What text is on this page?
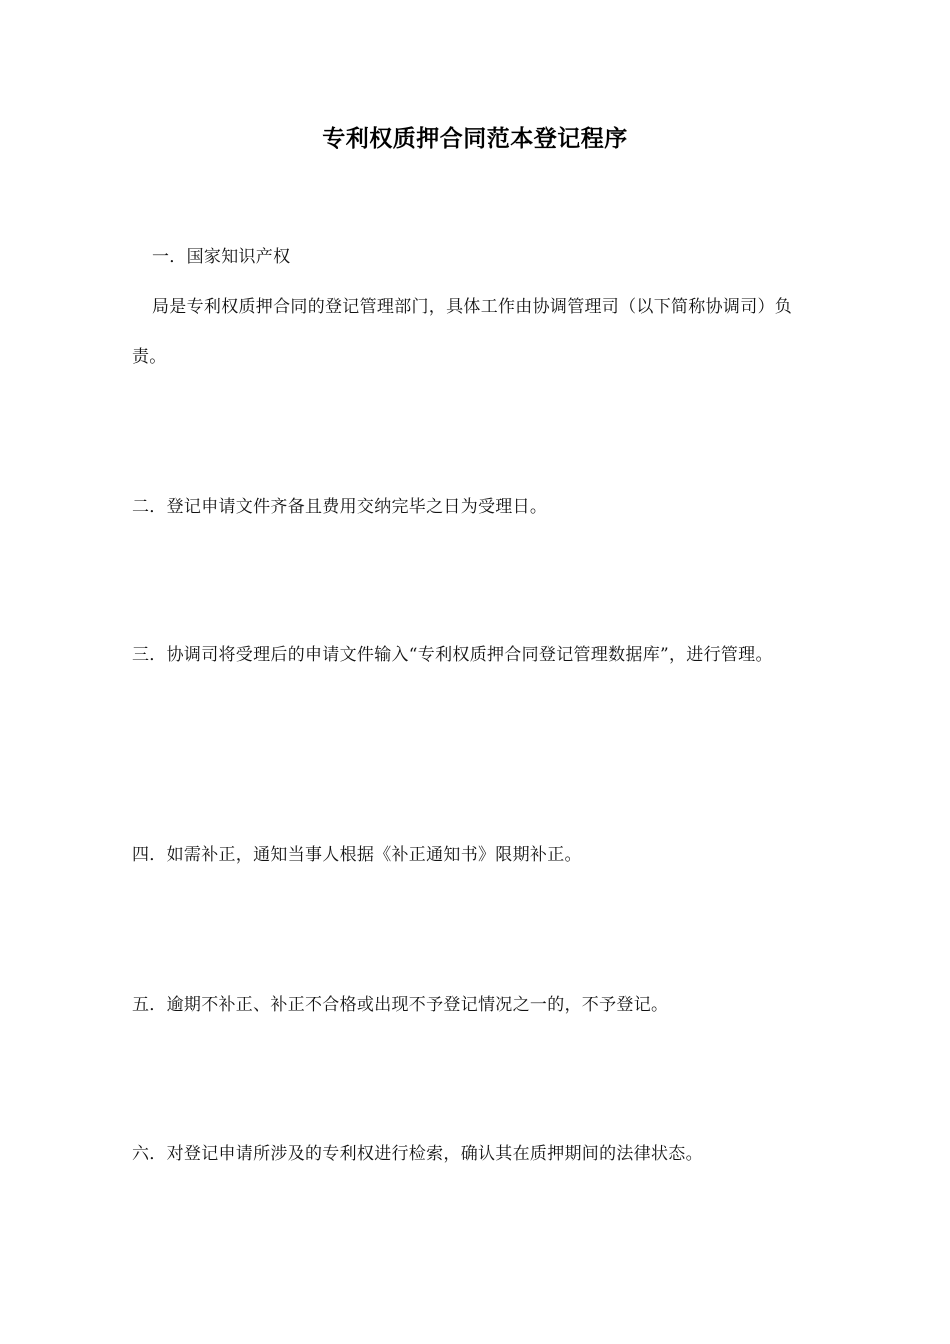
专利权质押合同范本登记程序
一．国家知识产权
局是专利权质押合同的登记管理部门，具体工作由协调管理司（以下简称协调司）负责。
二．登记申请文件齐备且费用交纳完毕之日为受理日。
三．协调司将受理后的申请文件输入“专利权质押合同登记管理数据库”，进行管理。
四．如需补正，通知当事人根据《补正通知书》限期补正。
五．逾期不补正、补正不合格或出现不予登记情况之一的，不予登记。
六．对登记申请所涉及的专利权进行检索，确认其在质押期间的法律状态。
